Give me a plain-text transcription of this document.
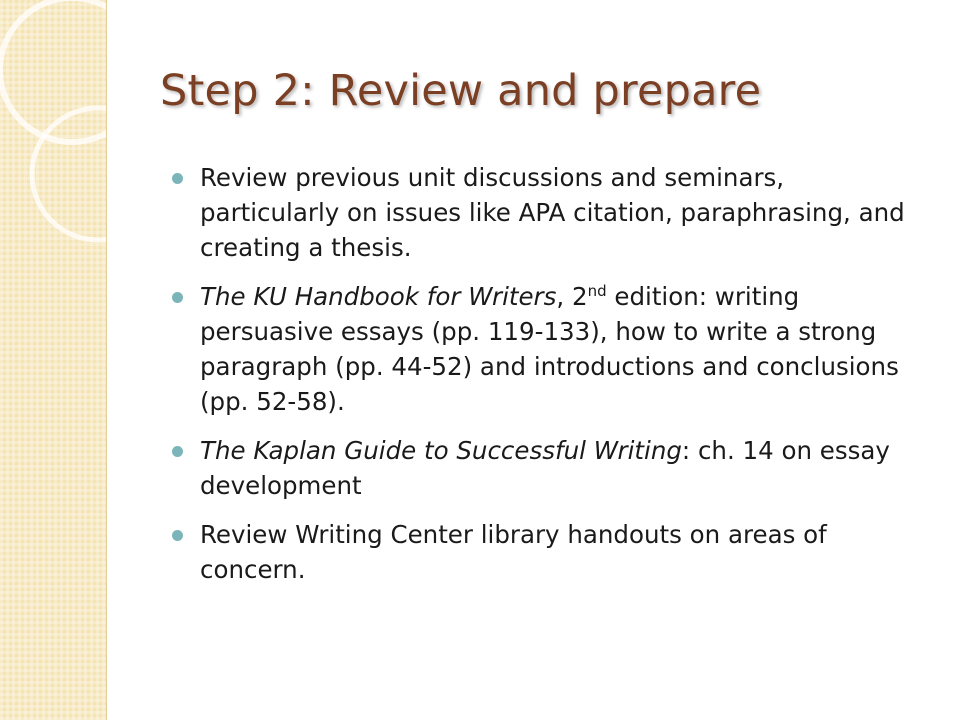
Step 2: Review and prepare
Review previous unit discussions and seminars, particularly on issues like APA citation, paraphrasing, and creating a thesis.
The KU Handbook for Writers, 2nd edition: writing persuasive essays (pp. 119-133), how to write a strong paragraph (pp. 44-52) and introductions and conclusions (pp. 52-58).
The Kaplan Guide to Successful Writing: ch. 14 on essay development
Review Writing Center library handouts on areas of concern.
